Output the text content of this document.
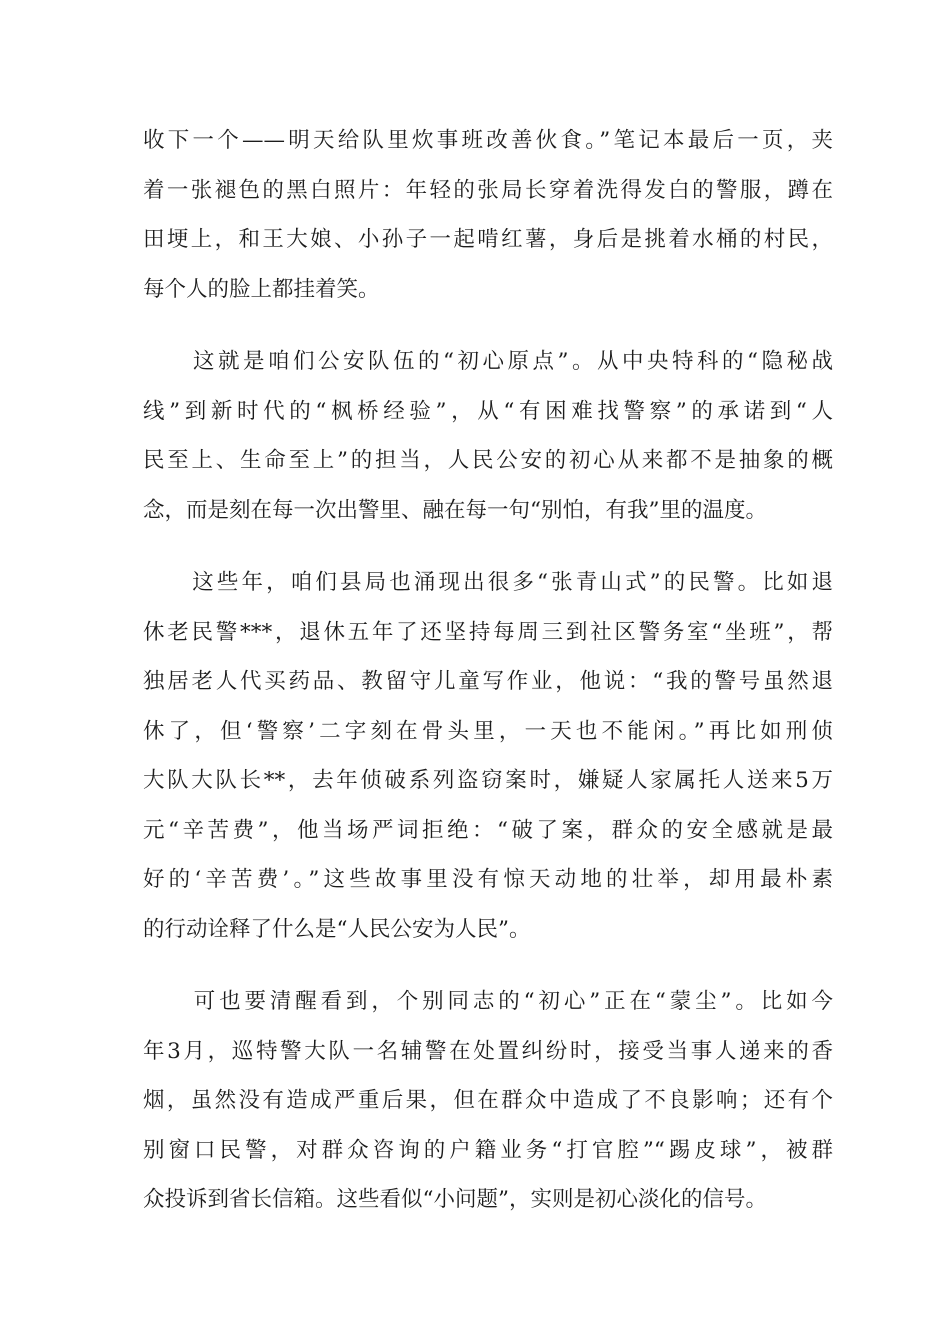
收下一个——明天给队里炊事班改善伙食。”笔记本最后一页，夹
着一张褪色的黑白照片：年轻的张局长穿着洗得发白的警服，蹲在
田埂上，和王大娘、小孙子一起啃红薯，身后是挑着水桶的村民，
每个人的脸上都挂着笑。
　　这就是咱们公安队伍的“初心原点”。从中央特科的“隐秘战
线”到新时代的“枫桥经验”，从“有困难找警察”的承诺到“人
民至上、生命至上”的担当，人民公安的初心从来都不是抽象的概
念，而是刻在每一次出警里、融在每一句“别怕，有我”里的温度。
　　这些年，咱们县局也涌现出很多“张青山式”的民警。比如退
休老民警***，退休五年了还坚持每周三到社区警务室“坐班”，帮
独居老人代买药品、教留守儿童写作业，他说：“我的警号虽然退
休了，但‘警察’二字刻在骨头里，一天也不能闲。”再比如刑侦
大队大队长**，去年侦破系列盗窃案时，嫌疑人家属托人送来5万
元“辛苦费”，他当场严词拒绝：“破了案，群众的安全感就是最
好的‘辛苦费’。”这些故事里没有惊天动地的壮举，却用最朴素
的行动诠释了什么是“人民公安为人民”。
　　可也要清醒看到，个别同志的“初心”正在“蒙尘”。比如今
年3月，巡特警大队一名辅警在处置纠纷时，接受当事人递来的香
烟，虽然没有造成严重后果，但在群众中造成了不良影响；还有个
别窗口民警，对群众咨询的户籍业务“打官腔”“踢皮球”，被群
众投诉到省长信箱。这些看似“小问题”，实则是初心淡化的信号。
